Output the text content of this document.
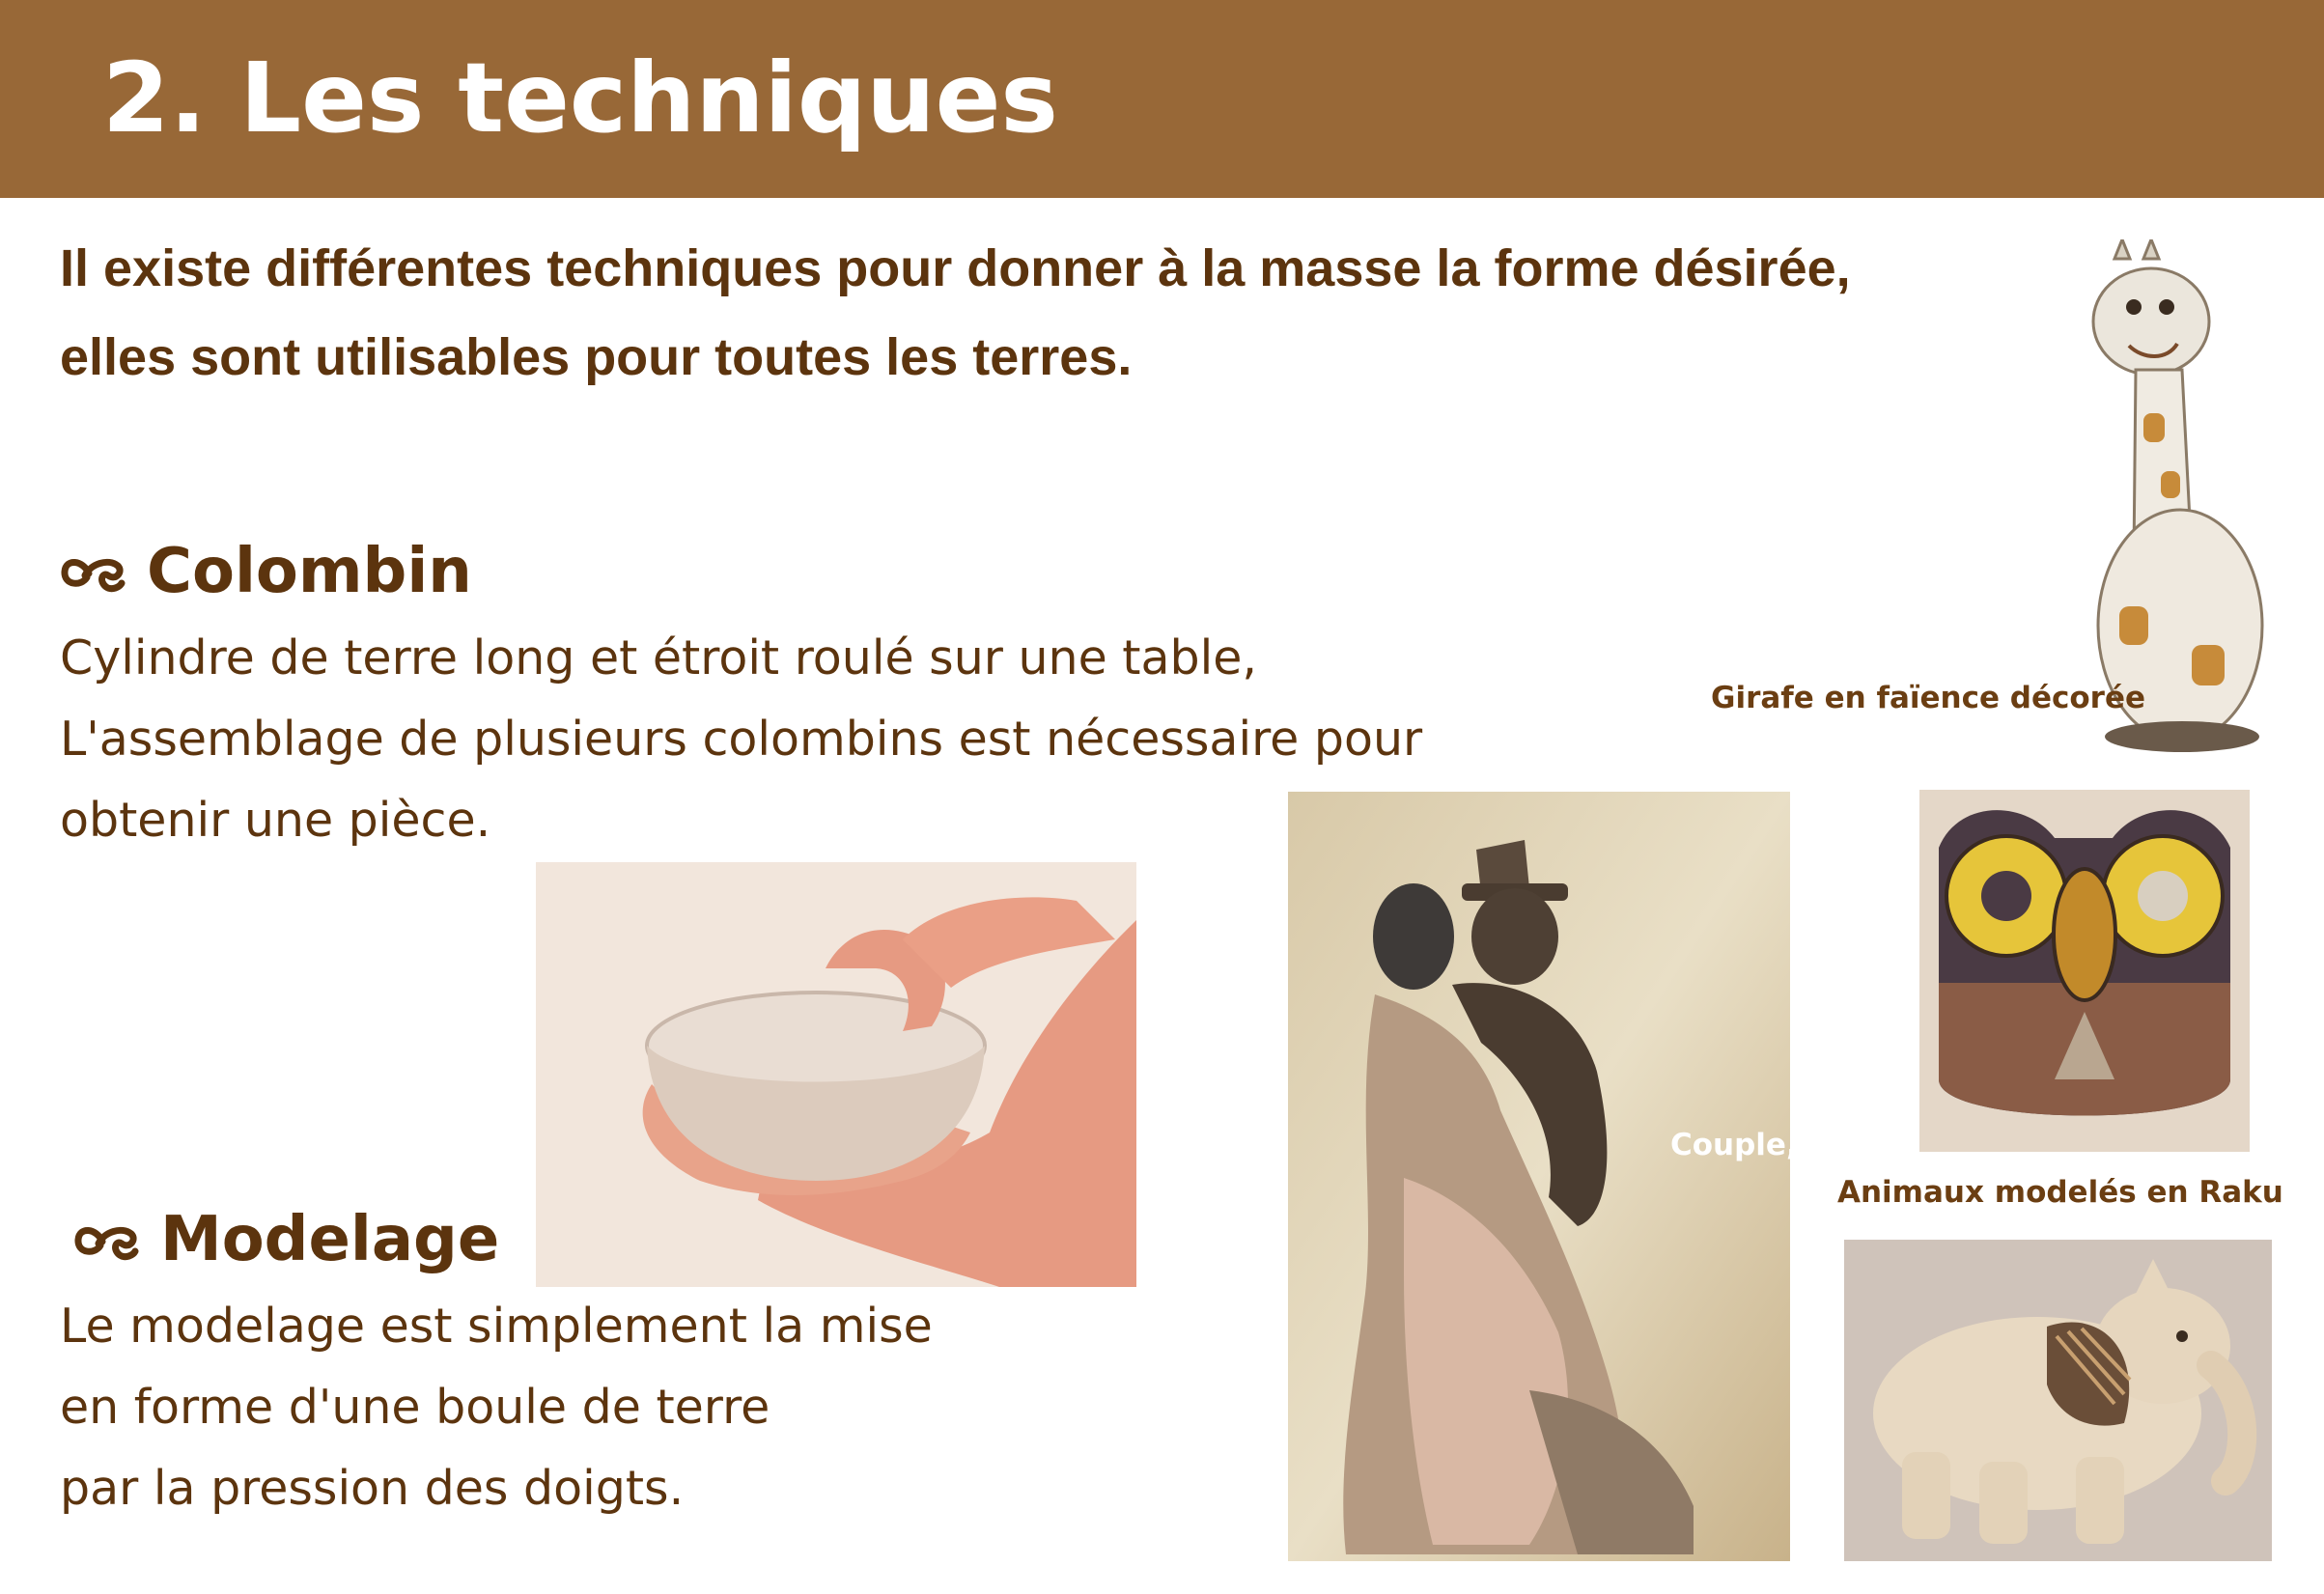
2. Les techniques
Il existe différentes techniques pour donner à la masse la forme désirée,
elles sont utilisables pour toutes les terres.
Colombin
Cylindre de terre long et étroit roulé sur une table,
L'assemblage de plusieurs colombins est nécessaire pour
obtenir une pièce.
Modelage
Le modelage est simplement la mise
en forme d'une boule de terre
par la pression des doigts.
Girafe en faïence décorée
Couple,
Animaux modelés en Raku
